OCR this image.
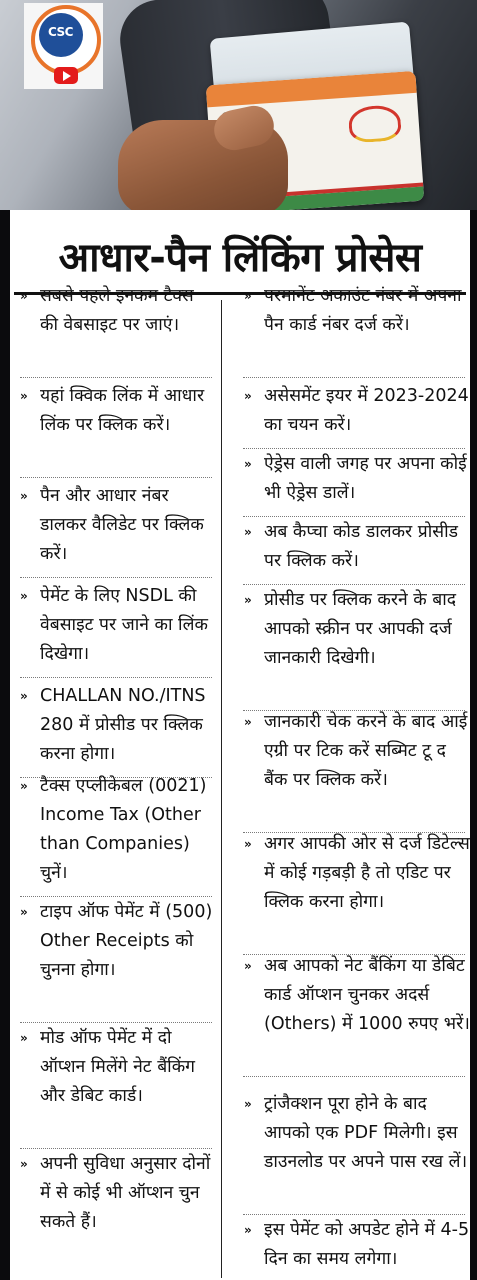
CSC
आधार-पैन लिंकिंग प्रोसेस
» सबसे पहले इनकम टैक्स की वेबसाइट पर जाएं।
» यहां क्विक लिंक में आधार लिंक पर क्लिक करें।
» पैन और आधार नंबर डालकर वैलिडेट पर क्लिक करें।
» पेमेंट के लिए NSDL की वेबसाइट पर जाने का लिंक दिखेगा।
» CHALLAN NO./ITNS 280 में प्रोसीड पर क्लिक करना होगा।
» टैक्स एप्लीकेबल (0021) Income Tax (Other than Companies) चुनें।
» टाइप ऑफ पेमेंट में (500) Other Receipts को चुनना होगा।
» मोड ऑफ पेमेंट में दो ऑप्शन मिलेंगे नेट बैंकिंग और डेबिट कार्ड।
» अपनी सुविधा अनुसार दोनों में से कोई भी ऑप्शन चुन सकते हैं।
» परमानेंट अकाउंट नंबर में अपना पैन कार्ड नंबर दर्ज करें।
» असेसमेंट इयर में 2023-2024 का चयन करें।
» ऐड्रेस वाली जगह पर अपना कोई भी ऐड्रेस डालें।
» अब कैप्चा कोड डालकर प्रोसीड पर क्लिक करें।
» प्रोसीड पर क्लिक करने के बाद आपको स्क्रीन पर आपकी दर्ज जानकारी दिखेगी।
» जानकारी चेक करने के बाद आई एग्री पर टिक करें सब्मिट टू द बैंक पर क्लिक करें।
» अगर आपकी ओर से दर्ज डिटेल्स में कोई गड़बड़ी है तो एडिट पर क्लिक करना होगा।
» अब आपको नेट बैंकिंग या डेबिट कार्ड ऑप्शन चुनकर अदर्स (Others) में 1000 रुपए भरें।
» ट्रांजैक्शन पूरा होने के बाद आपको एक PDF मिलेगी। इस डाउनलोड पर अपने पास रख लें।
» इस पेमेंट को अपडेट होने में 4-5 दिन का समय लगेगा।
